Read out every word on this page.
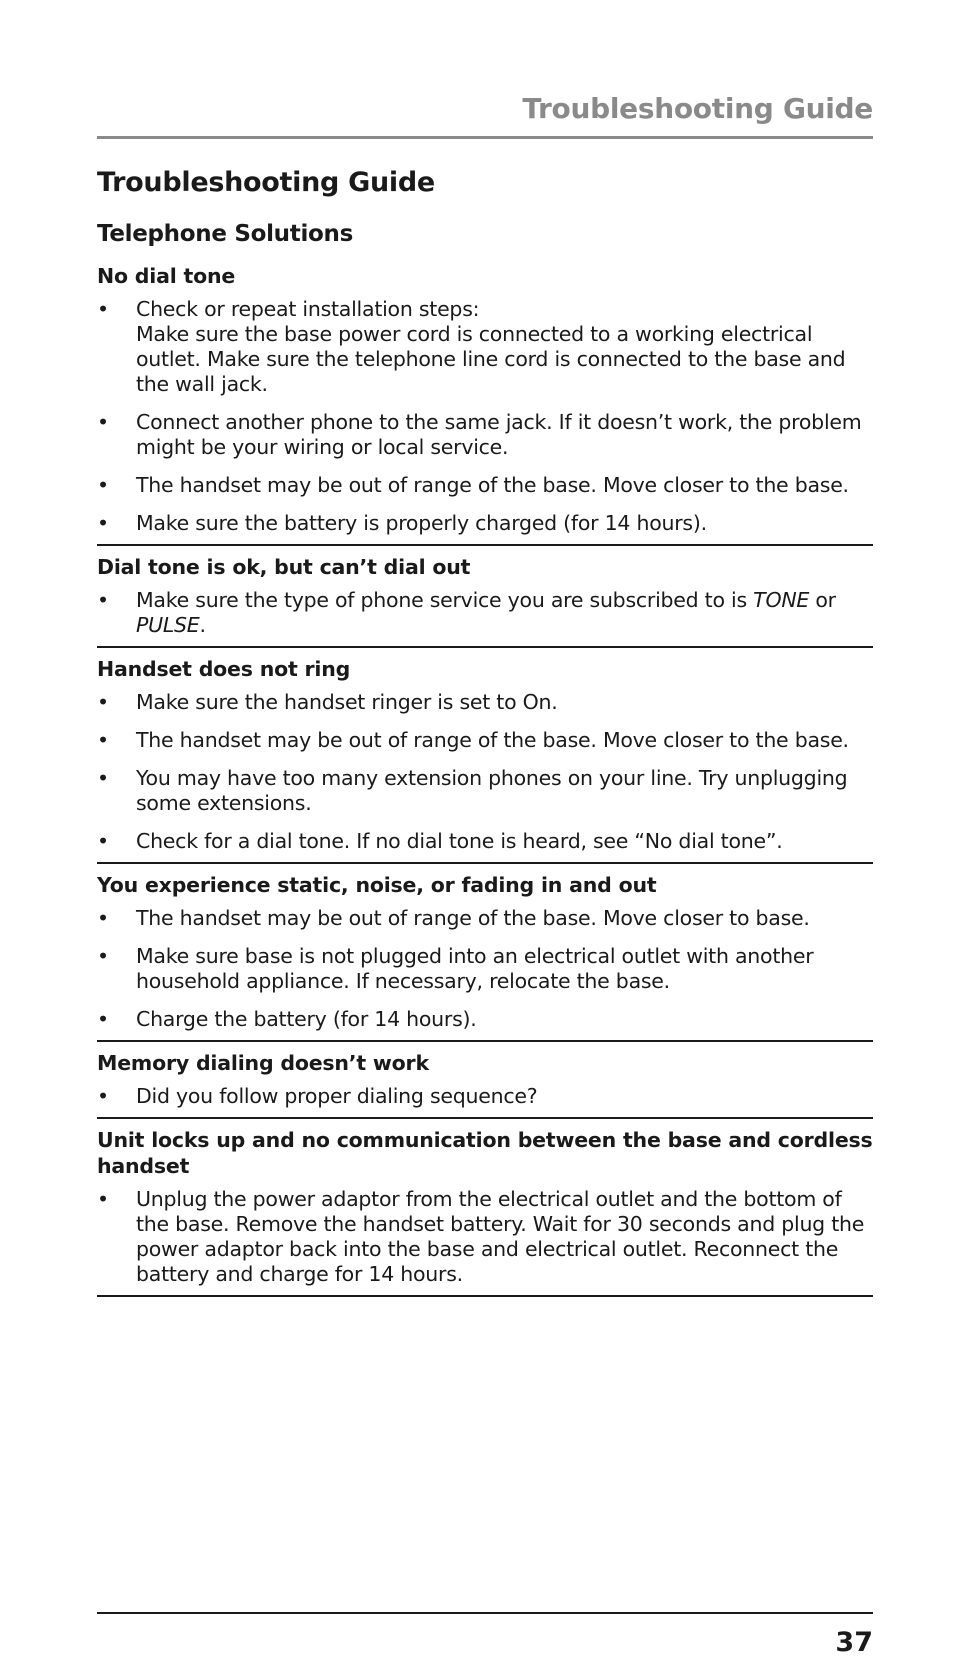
Troubleshooting Guide
Troubleshooting Guide
Telephone Solutions
No dial tone
• Check or repeat installation steps:
Make sure the base power cord is connected to a working electrical outlet. Make sure the telephone line cord is connected to the base and the wall jack.
• Connect another phone to the same jack. If it doesn’t work, the problem might be your wiring or local service.
• The handset may be out of range of the base. Move closer to the base.
• Make sure the battery is properly charged (for 14 hours).
Dial tone is ok, but can’t dial out
• Make sure the type of phone service you are subscribed to is TONE or PULSE.
Handset does not ring
• Make sure the handset ringer is set to On.
• The handset may be out of range of the base. Move closer to the base.
• You may have too many extension phones on your line. Try unplugging some extensions.
• Check for a dial tone. If no dial tone is heard, see “No dial tone”.
You experience static, noise, or fading in and out
• The handset may be out of range of the base. Move closer to base.
• Make sure base is not plugged into an electrical outlet with another household appliance. If necessary, relocate the base.
• Charge the battery (for 14 hours).
Memory dialing doesn’t work
• Did you follow proper dialing sequence?
Unit locks up and no communication between the base and cordless handset
• Unplug the power adaptor from the electrical outlet and the bottom of the base. Remove the handset battery. Wait for 30 seconds and plug the power adaptor back into the base and electrical outlet. Reconnect the battery and charge for 14 hours.
37
